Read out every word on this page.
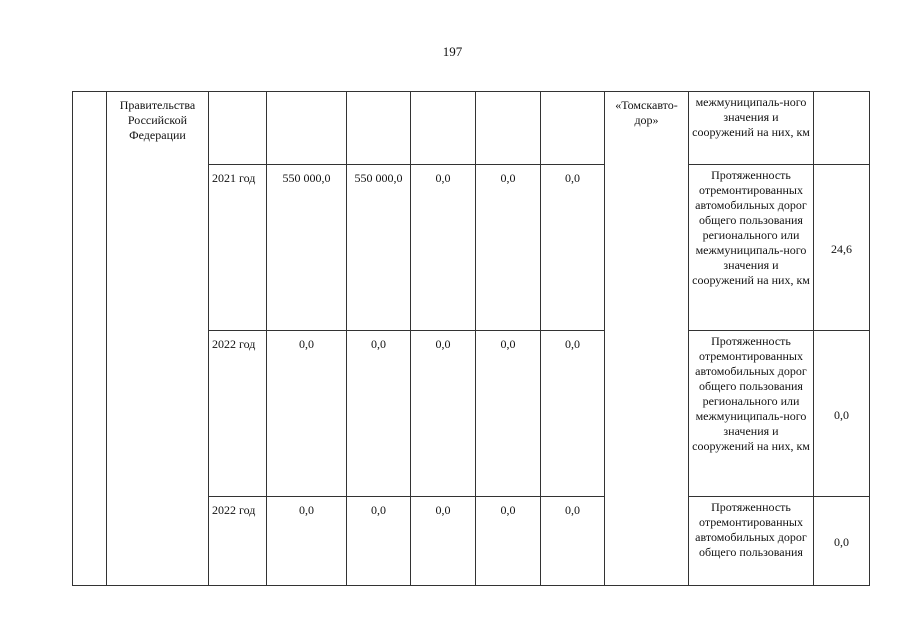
197
	Правительства Российской Федерации							«Томскавто-дор»	межмуниципаль-ного значения и сооружений на них, км	
		2021 год	550 000,0	550 000,0	0,0	0,0	0,0		Протяженность отремонтированных автомобильных дорог общего пользования регионального или межмуниципаль-ного значения и сооружений на них, км	24,6
		2022 год	0,0	0,0	0,0	0,0	0,0		Протяженность отремонтированных автомобильных дорог общего пользования регионального или межмуниципаль-ного значения и сооружений на них, км	0,0
		2022 год	0,0	0,0	0,0	0,0	0,0		Протяженность отремонтированных автомобильных дорог общего пользования	0,0
